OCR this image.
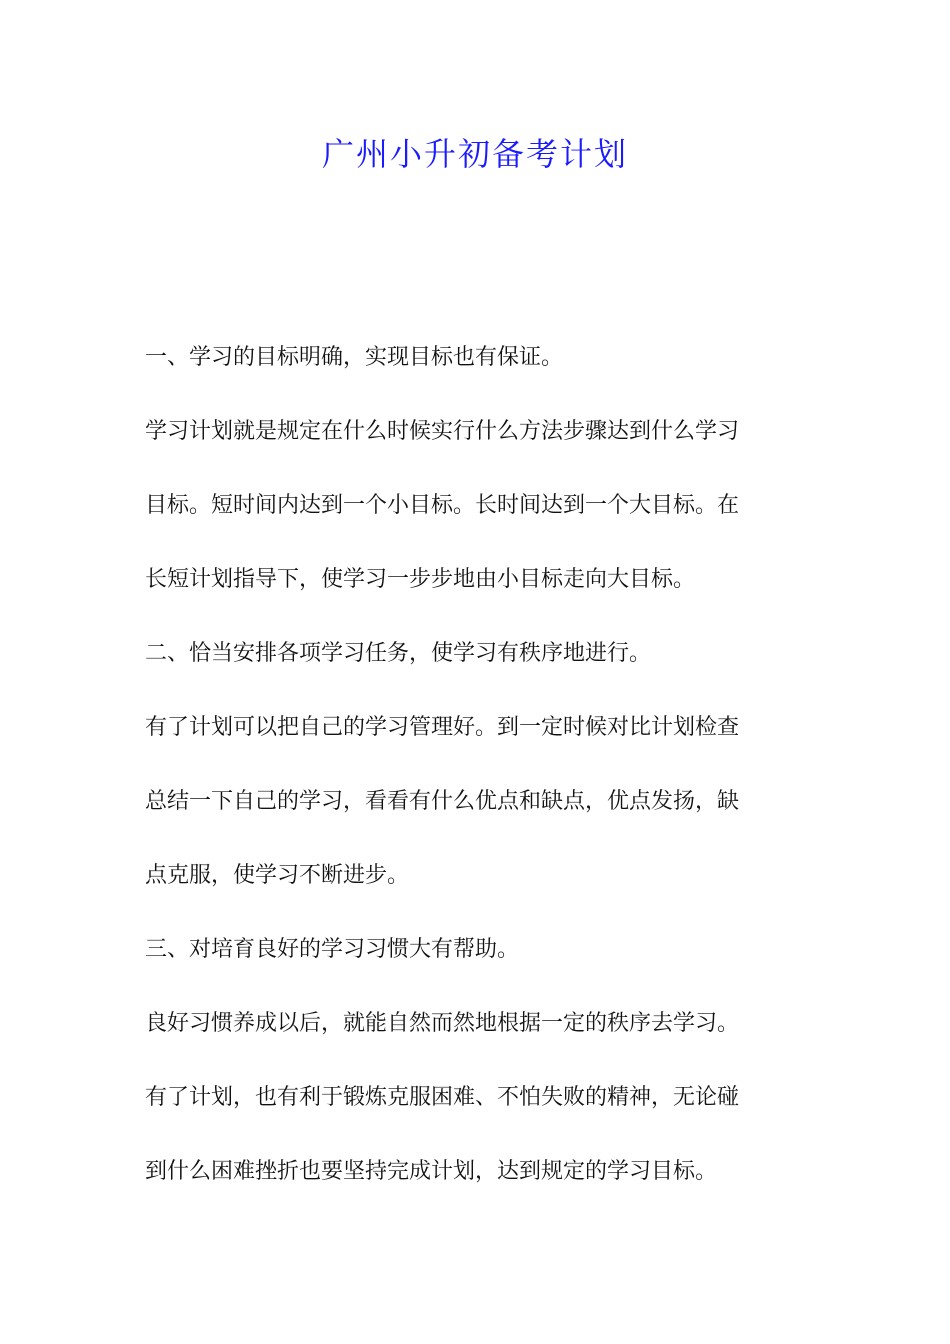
广州小升初备考计划
一、学习的目标明确，实现目标也有保证。
学习计划就是规定在什么时候实行什么方法步骤达到什么学习
目标。短时间内达到一个小目标。长时间达到一个大目标。在
长短计划指导下，使学习一步步地由小目标走向大目标。
二、恰当安排各项学习任务，使学习有秩序地进行。
有了计划可以把自己的学习管理好。到一定时候对比计划检查
总结一下自己的学习，看看有什么优点和缺点，优点发扬，缺
点克服，使学习不断进步。
三、对培育良好的学习习惯大有帮助。
良好习惯养成以后，就能自然而然地根据一定的秩序去学习。
有了计划，也有利于锻炼克服困难、不怕失败的精神，无论碰
到什么困难挫折也要坚持完成计划，达到规定的学习目标。
